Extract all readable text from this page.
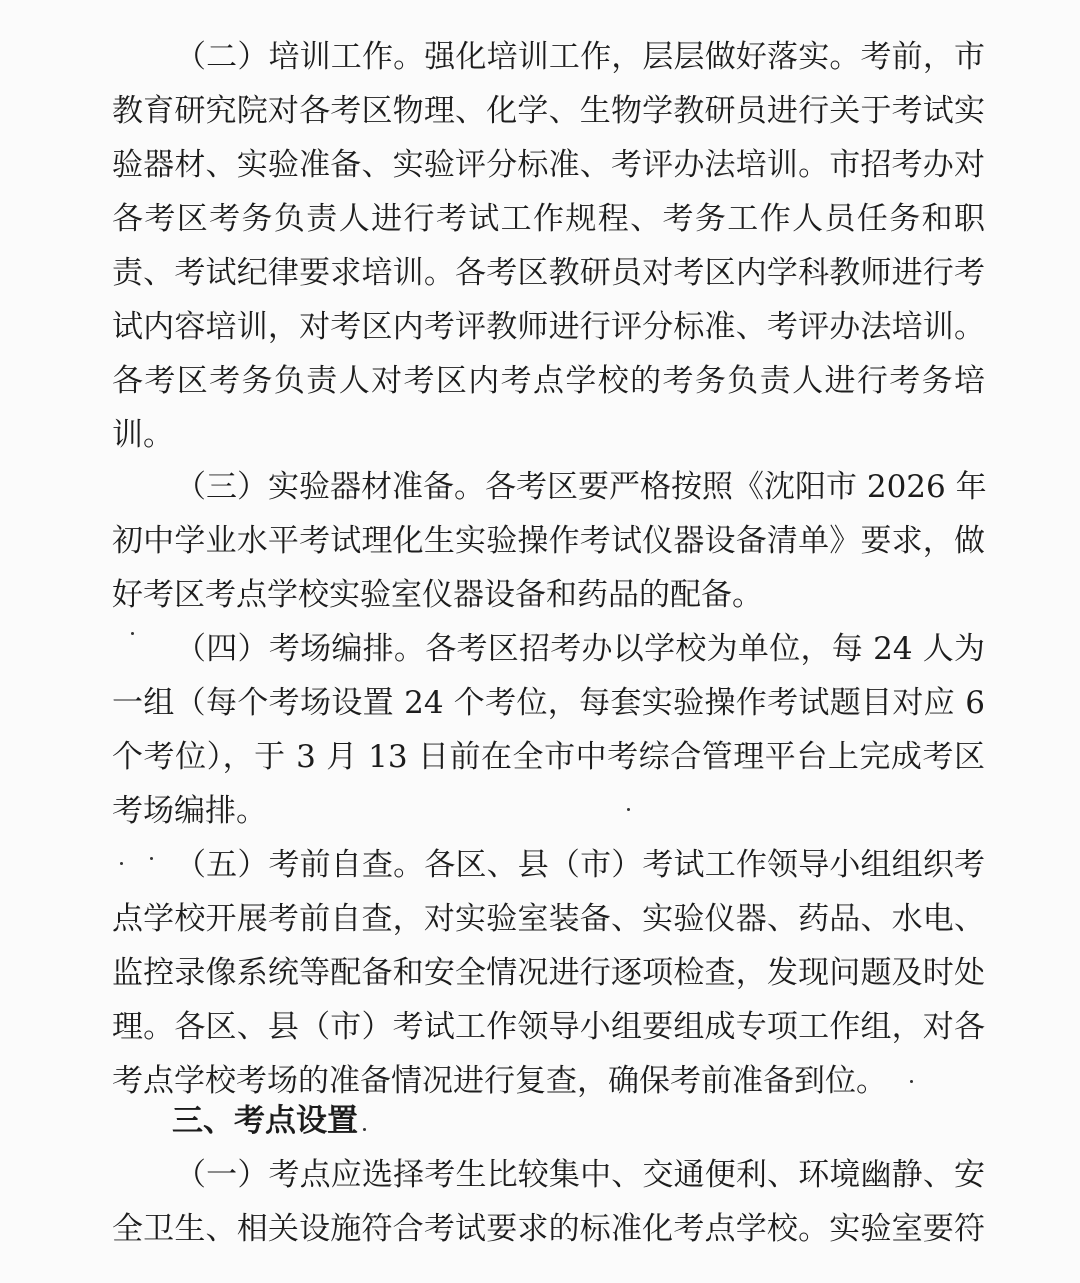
（二）培训工作。强化培训工作，层层做好落实。考前，市
教育研究院对各考区物理、化学、生物学教研员进行关于考试实
验器材、实验准备、实验评分标准、考评办法培训。市招考办对
各考区考务负责人进行考试工作规程、考务工作人员任务和职
责、考试纪律要求培训。各考区教研员对考区内学科教师进行考
试内容培训，对考区内考评教师进行评分标准、考评办法培训。
各考区考务负责人对考区内考点学校的考务负责人进行考务培
训。
（三）实验器材准备。各考区要严格按照《沈阳市 2026 年
初中学业水平考试理化生实验操作考试仪器设备清单》要求，做
好考区考点学校实验室仪器设备和药品的配备。
（四）考场编排。各考区招考办以学校为单位，每 24 人为
一组（每个考场设置 24 个考位，每套实验操作考试题目对应 6
个考位），于 3 月 13 日前在全市中考综合管理平台上完成考区
考场编排。
（五）考前自查。各区、县（市）考试工作领导小组组织考
点学校开展考前自查，对实验室装备、实验仪器、药品、水电、
监控录像系统等配备和安全情况进行逐项检查，发现问题及时处
理。各区、县（市）考试工作领导小组要组成专项工作组，对各
考点学校考场的准备情况进行复查，确保考前准备到位。
三、考点设置
（一）考点应选择考生比较集中、交通便利、环境幽静、安
全卫生、相关设施符合考试要求的标准化考点学校。实验室要符
